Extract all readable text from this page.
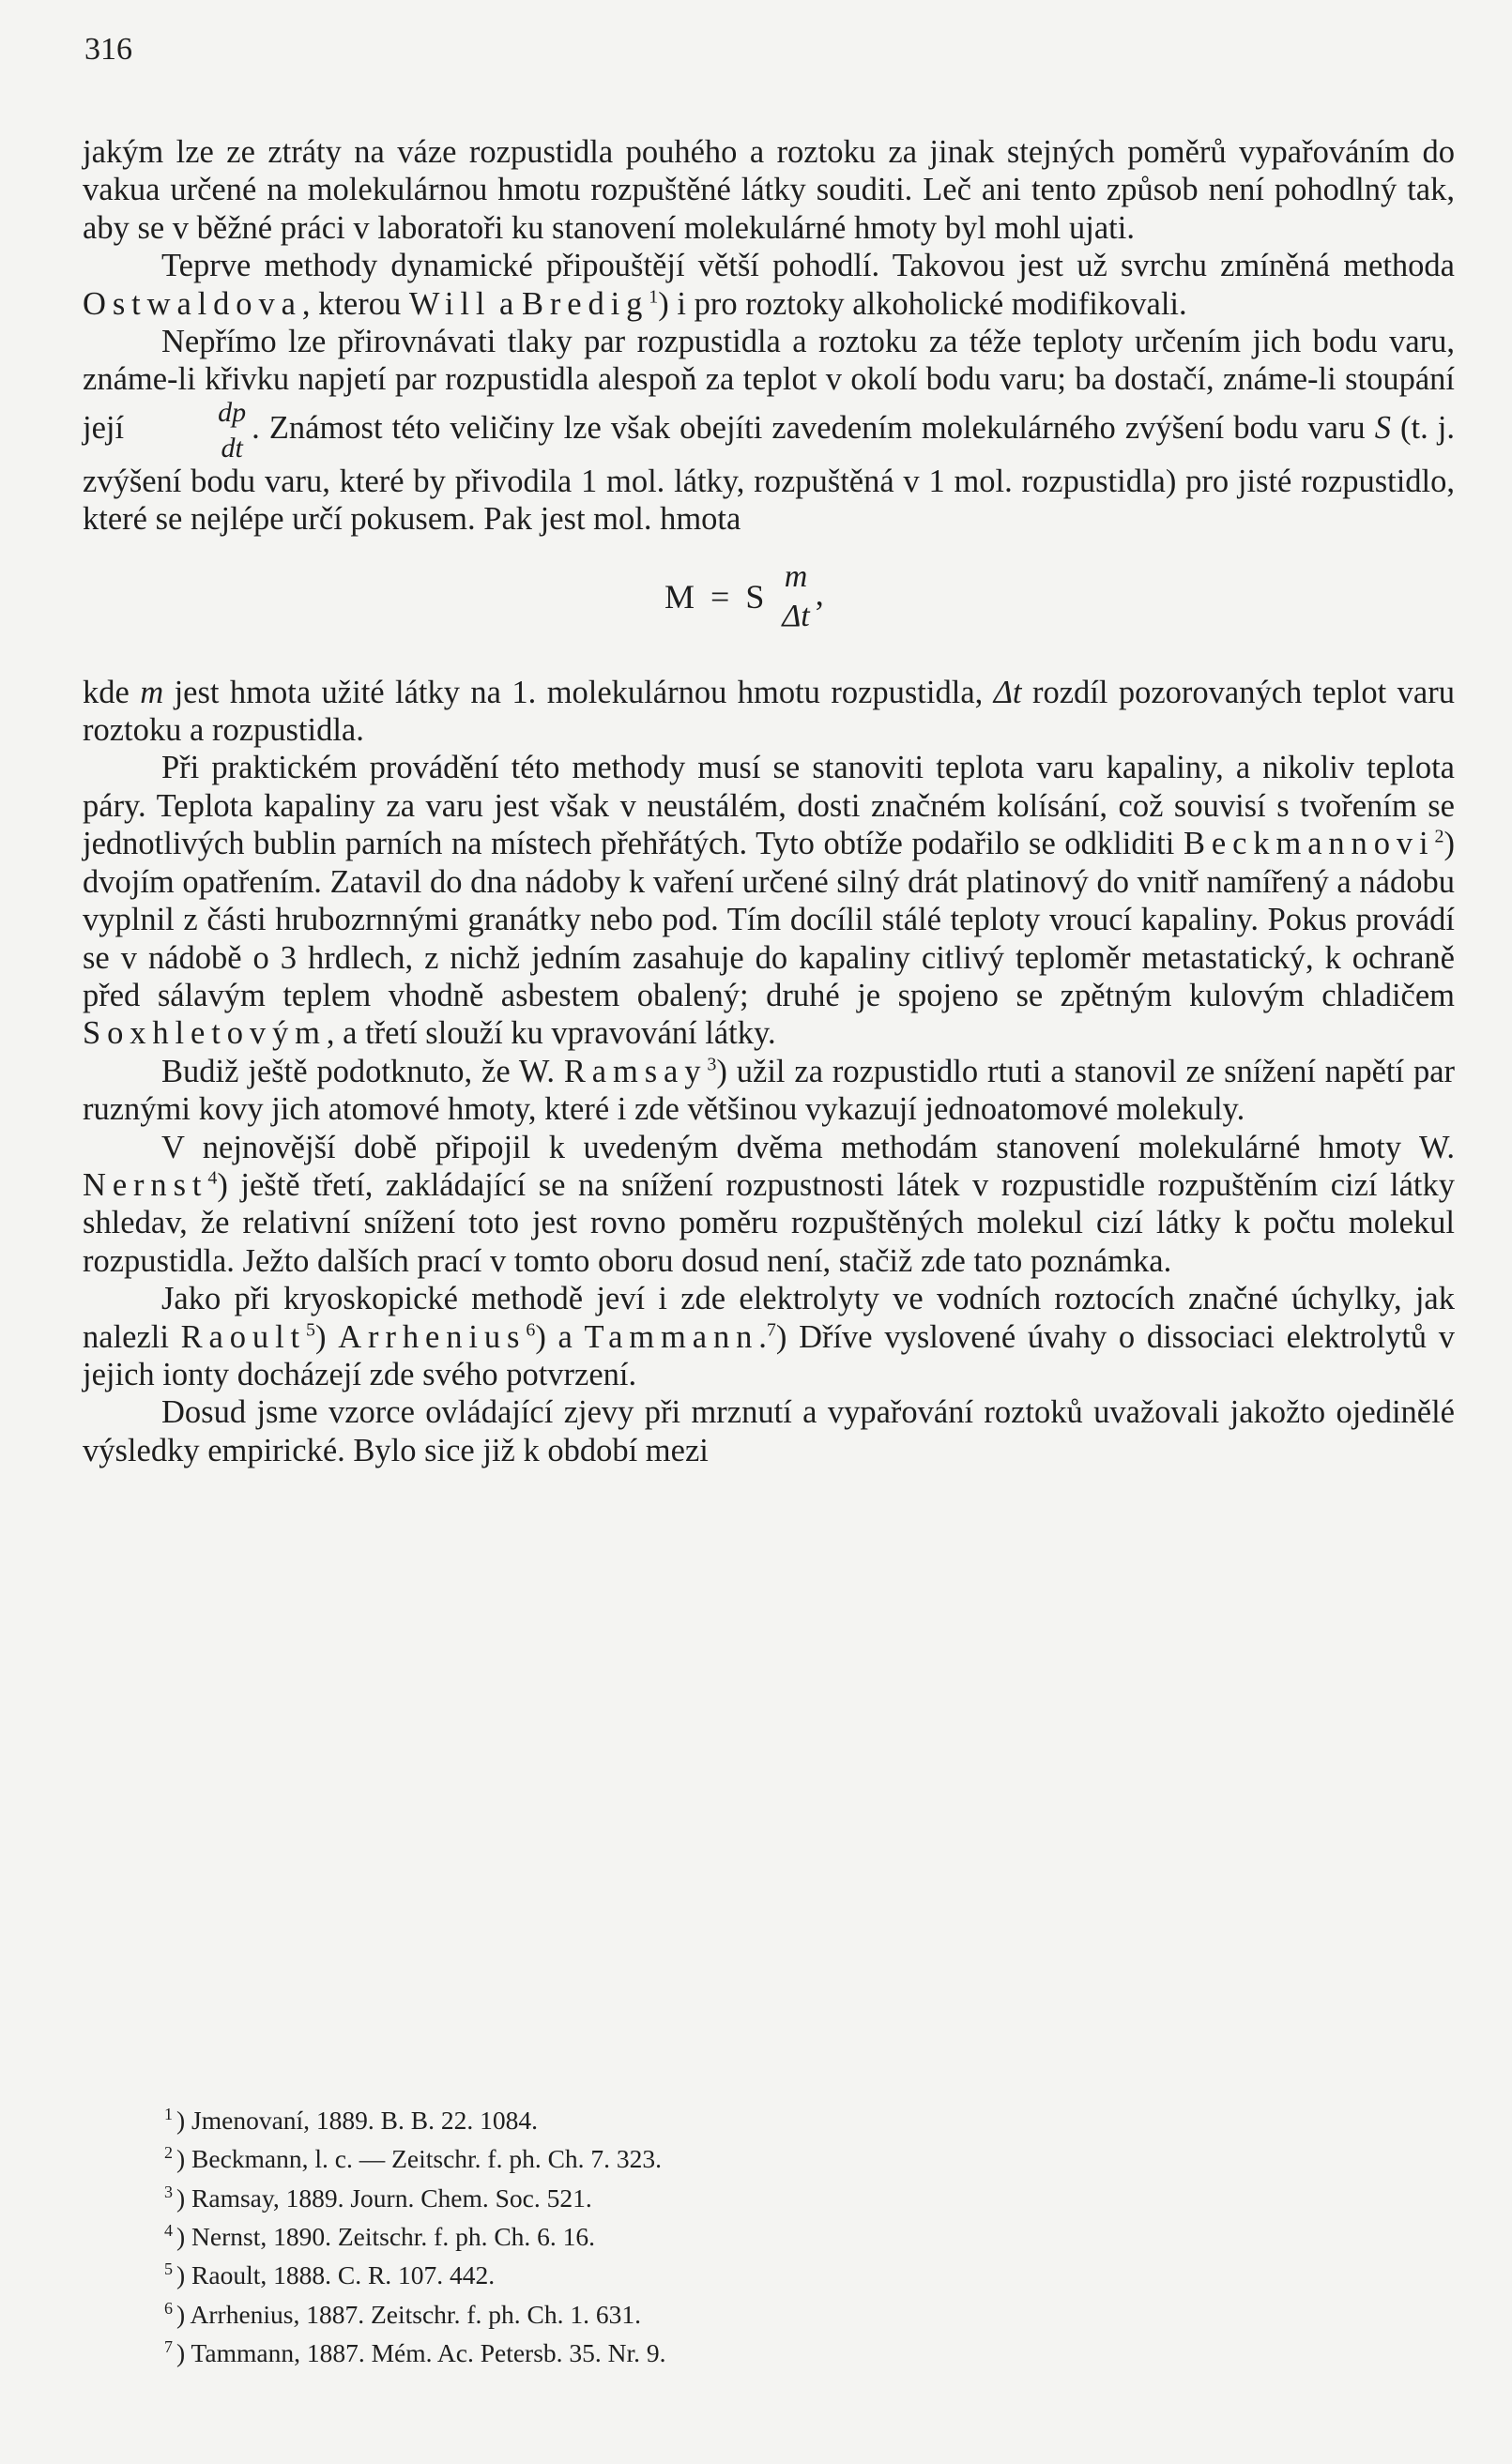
316

jakým lze ze ztráty na váze rozpustidla pouhého a roztoku za jinak stejných poměrů vypařováním do vakua určené na molekulárnou hmotu rozpuštěné látky souditi. Leč ani tento způsob není pohodlný tak, aby se v běžné práci v laboratoři ku stanovení molekulárné hmoty byl mohl ujati.

Teprve methody dynamické připouštějí větší pohodlí. Takovou jest už svrchu zmíněná methoda Ostwaldova, kterou Will a Bredig$^1$) i pro roztoky alkoholické modifikovali.

Nepřímo lze přirovnávati tlaky par rozpustidla a roztoku za téže teploty určením jich bodu varu, známe-li křivku napjetí par rozpustidla alespoň za teplot v okolí bodu varu; ba dostačí, známe-li stoupání její	dp
dt
. Známost této veličiny lze však obejíti zavedením molekulárného zvýšení bodu varu S (t. j. zvýšení bodu varu, které by přivodila 1 mol. látky, rozpuštěná v 1 mol. rozpustidla) pro jisté rozpustidlo, které se nejlépe určí pokusem. Pak jest mol. hmota

M = S
m
Δt
,

kde m jest hmota užité látky na 1. molekulárnou hmotu rozpustidla, Δt rozdíl pozorovaných teplot varu roztoku a rozpustidla.

Při praktickém provádění této methody musí se stanoviti teplota varu kapaliny, a nikoliv teplota páry. Teplota kapaliny za varu jest však v neustálém, dosti značném kolísání, což souvisí s tvořením se jednotlivých bublin parních na místech přehřátých. Tyto obtíže podařilo se odkliditi Beckmannovi$^2$) dvojím opatřením. Zatavil do dna nádoby k vaření určené silný drát platinový do vnitř namířený a nádobu vyplnil z části hrubozrnnými granátky nebo pod. Tím docílil stálé teploty vroucí kapaliny. Pokus provádí se v nádobě o 3 hrdlech, z nichž jedním zasahuje do kapaliny citlivý teploměr metastatický, k ochraně před sálavým teplem vhodně asbestem obalený; druhé je spojeno se zpětným kulovým chladičem Soxhletovým, a třetí slouží ku vpravování látky.

Budiž ještě podotknuto, že W. Ramsay$^3$) užil za rozpustidlo rtuti a stanovil ze snížení napětí par ruznými kovy jich atomové hmoty, které i zde většinou vykazují jednoatomové molekuly.

V nejnovější době připojil k uvedeným dvěma methodám stanovení molekulárné hmoty W. Nernst$^4$) ještě třetí, zakládající se na snížení rozpustnosti látek v rozpustidle rozpuštěním cizí látky shledav, že relativní snížení toto jest rovno poměru rozpuštěných molekul cizí látky k počtu molekul rozpustidla. Ježto dalších prací v tomto oboru dosud není, stačiž zde tato poznámka.

Jako při kryoskopické methodě jeví i zde elektrolyty ve vodních roztocích značné úchylky, jak nalezli Raoult$^5$) Arrhenius$^6$) a Tammann.$^7$) Dříve vyslovené úvahy o dissociaci elektrolytů v jejich ionty docházejí zde svého potvrzení.

Dosud jsme vzorce ovládající zjevy při mrznutí a vypařování roztoků uvažovali jakožto ojedinělé výsledky empirické. Bylo sice již k období mezi

1 ) Jmenovaní, 1889. B. B. 22. 1084.
2 ) Beckmann, l. c. — Zeitschr. f. ph. Ch. 7. 323.
3 ) Ramsay, 1889. Journ. Chem. Soc. 521.
4 ) Nernst, 1890. Zeitschr. f. ph. Ch. 6. 16.
5 ) Raoult, 1888. C. R. 107. 442.
6 ) Arrhenius, 1887. Zeitschr. f. ph. Ch. 1. 631.
7 ) Tammann, 1887. Mém. Ac. Petersb. 35. Nr. 9.
